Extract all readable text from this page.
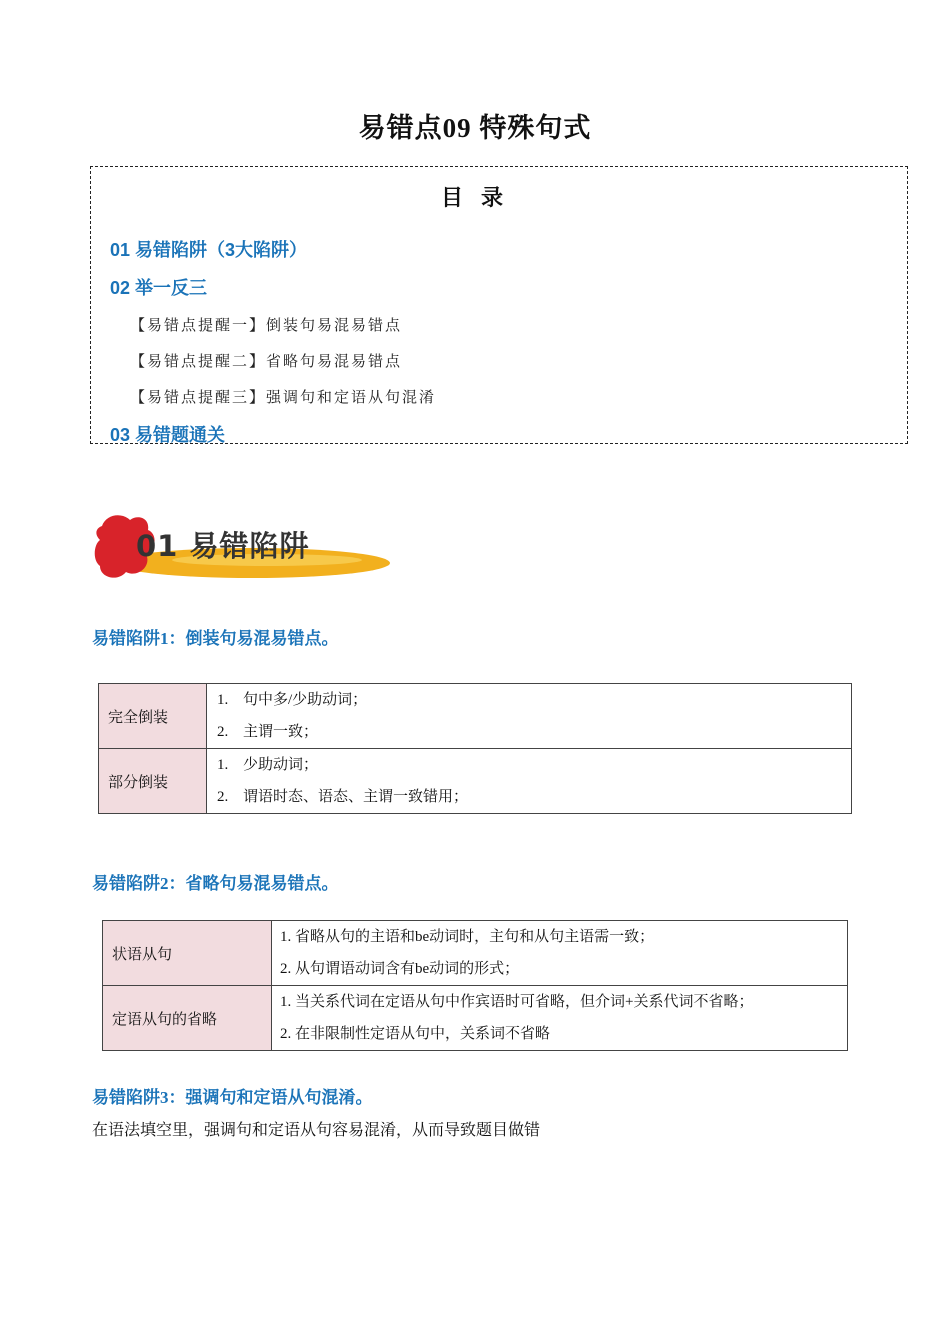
易错点09 特殊句式
目 录
01 易错陷阱（3大陷阱）
02 举一反三
【易错点提醒一】倒装句易混易错点
【易错点提醒二】省略句易混易错点
【易错点提醒三】强调句和定语从句混淆
03 易错题通关
01 易错陷阱
易错陷阱1：倒装句易混易错点。
完全倒装	1. 句中多/少助动词；
2. 主谓一致；

部分倒装	1. 少助动词；
2. 谓语时态、语态、主谓一致错用；
易错陷阱2：省略句易混易错点。
状语从句	1. 省略从句的主语和be动词时，主句和从句主语需一致；
2. 从句谓语动词含有be动词的形式；

定语从句的省略	1. 当关系代词在定语从句中作宾语时可省略，但介词+关系代词不省略；
2. 在非限制性定语从句中，关系词不省略
易错陷阱3：强调句和定语从句混淆。
在语法填空里，强调句和定语从句容易混淆，从而导致题目做错
